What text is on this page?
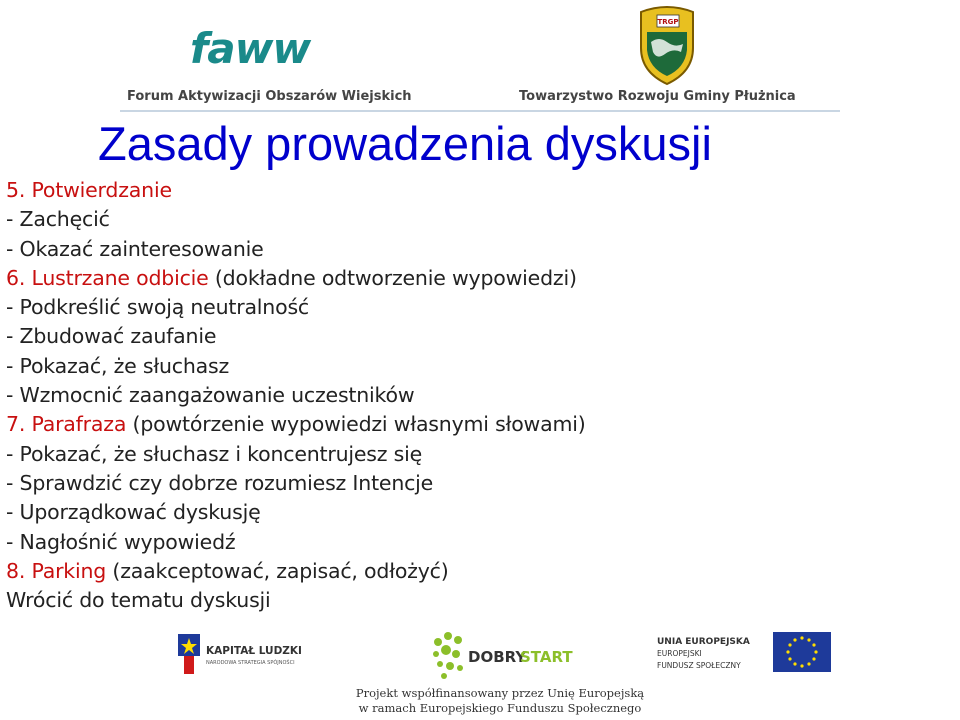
faww
Forum Aktywizacji Obszarów Wiejskich
TRGP
Towarzystwo Rozwoju Gminy Płużnica
Zasady prowadzenia dyskusji
5. Potwierdzanie
- Zachęcić
- Okazać zainteresowanie
6. Lustrzane odbicie (dokładne odtworzenie wypowiedzi)
- Podkreślić swoją neutralność
- Zbudować zaufanie
- Pokazać, że słuchasz
- Wzmocnić zaangażowanie uczestników
7. Parafraza (powtórzenie wypowiedzi własnymi słowami)
- Pokazać, że słuchasz i koncentrujesz się
- Sprawdzić czy dobrze rozumiesz Intencje
- Uporządkować dyskusję
- Nagłośnić wypowiedź
8. Parking (zaakceptować, zapisać, odłożyć)
Wrócić do tematu dyskusji
KAPITAŁ LUDZKI
NARODOWA STRATEGIA SPÓJNOŚCI	DOBRY
START
UNIA EUROPEJSKA
EUROPEJSKI
FUNDUSZ SPOŁECZNY
Projekt współfinansowany przez Unię Europejską
w ramach Europejskiego Funduszu Społecznego
